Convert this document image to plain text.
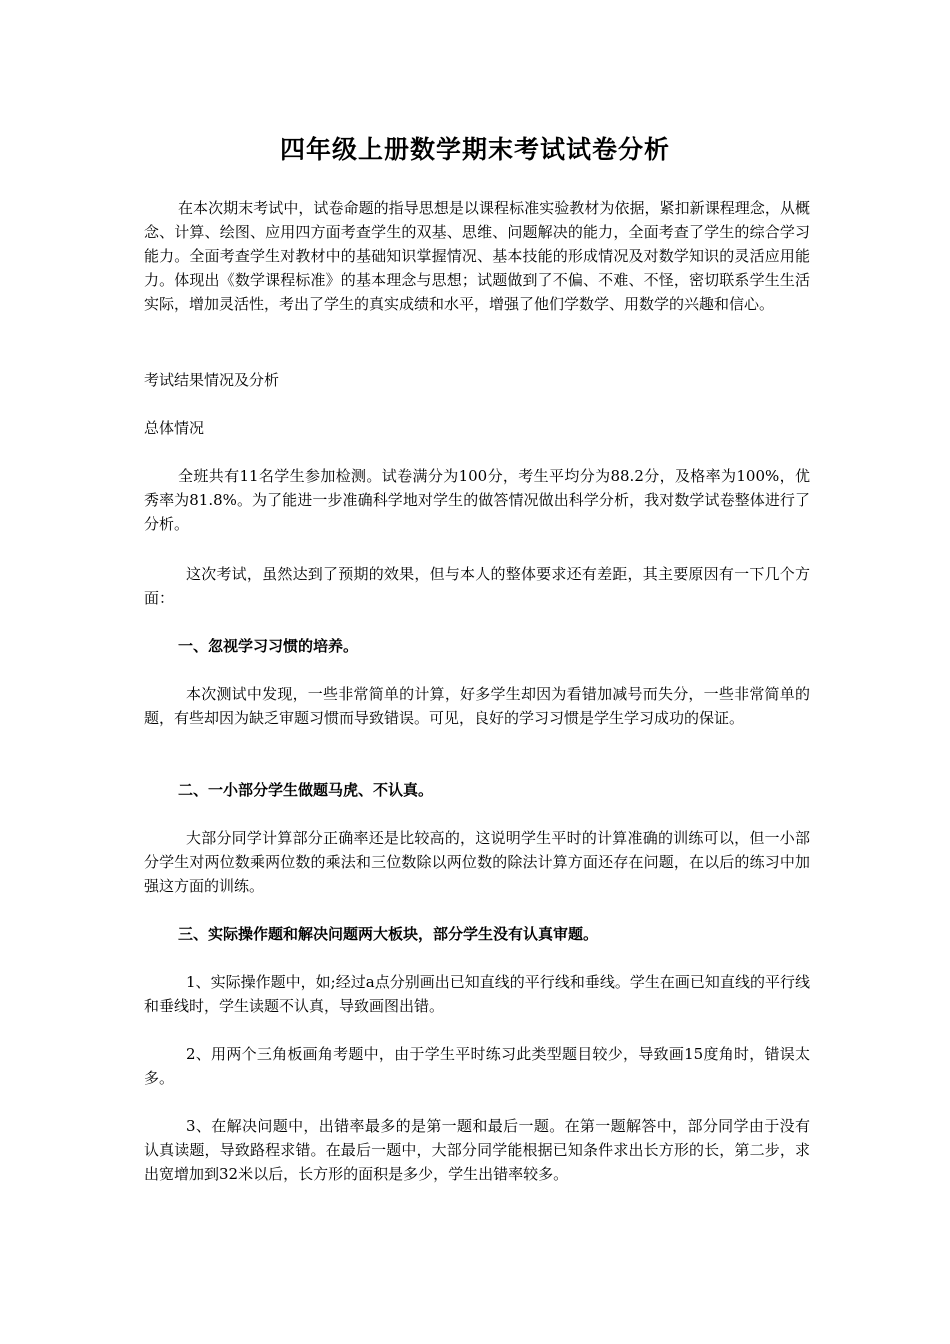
四年级上册数学期末考试试卷分析

在本次期末考试中，试卷命题的指导思想是以课程标准实验教材为依据，紧扣新课程理念，从概念、计算、绘图、应用四方面考查学生的双基、思维、问题解决的能力，全面考查了学生的综合学习能力。全面考查学生对教材中的基础知识掌握情况、基本技能的形成情况及对数学知识的灵活应用能力。体现出《数学课程标准》的基本理念与思想；试题做到了不偏、不难、不怪，密切联系学生生活实际，增加灵活性，考出了学生的真实成绩和水平，增强了他们学数学、用数学的兴趣和信心。

考试结果情况及分析

总体情况

全班共有11名学生参加检测。试卷满分为100分，考生平均分为88.2分，及格率为100%，优秀率为81.8%。为了能进一步准确科学地对学生的做答情况做出科学分析，我对数学试卷整体进行了分析。

这次考试，虽然达到了预期的效果，但与本人的整体要求还有差距，其主要原因有一下几个方面：

一、忽视学习习惯的培养。

本次测试中发现，一些非常简单的计算，好多学生却因为看错加减号而失分，一些非常简单的题，有些却因为缺乏审题习惯而导致错误。可见，良好的学习习惯是学生学习成功的保证。

二、一小部分学生做题马虎、不认真。

大部分同学计算部分正确率还是比较高的，这说明学生平时的计算准确的训练可以，但一小部分学生对两位数乘两位数的乘法和三位数除以两位数的除法计算方面还存在问题，在以后的练习中加强这方面的训练。

三、实际操作题和解决问题两大板块，部分学生没有认真审题。

1、实际操作题中，如;经过a点分别画出已知直线的平行线和垂线。学生在画已知直线的平行线和垂线时，学生读题不认真，导致画图出错。

2、用两个三角板画角考题中，由于学生平时练习此类型题目较少，导致画15度角时，错误太多。

3、在解决问题中，出错率最多的是第一题和最后一题。在第一题解答中，部分同学由于没有认真读题，导致路程求错。在最后一题中，大部分同学能根据已知条件求出长方形的长，第二步，求出宽增加到32米以后，长方形的面积是多少，学生出错率较多。
